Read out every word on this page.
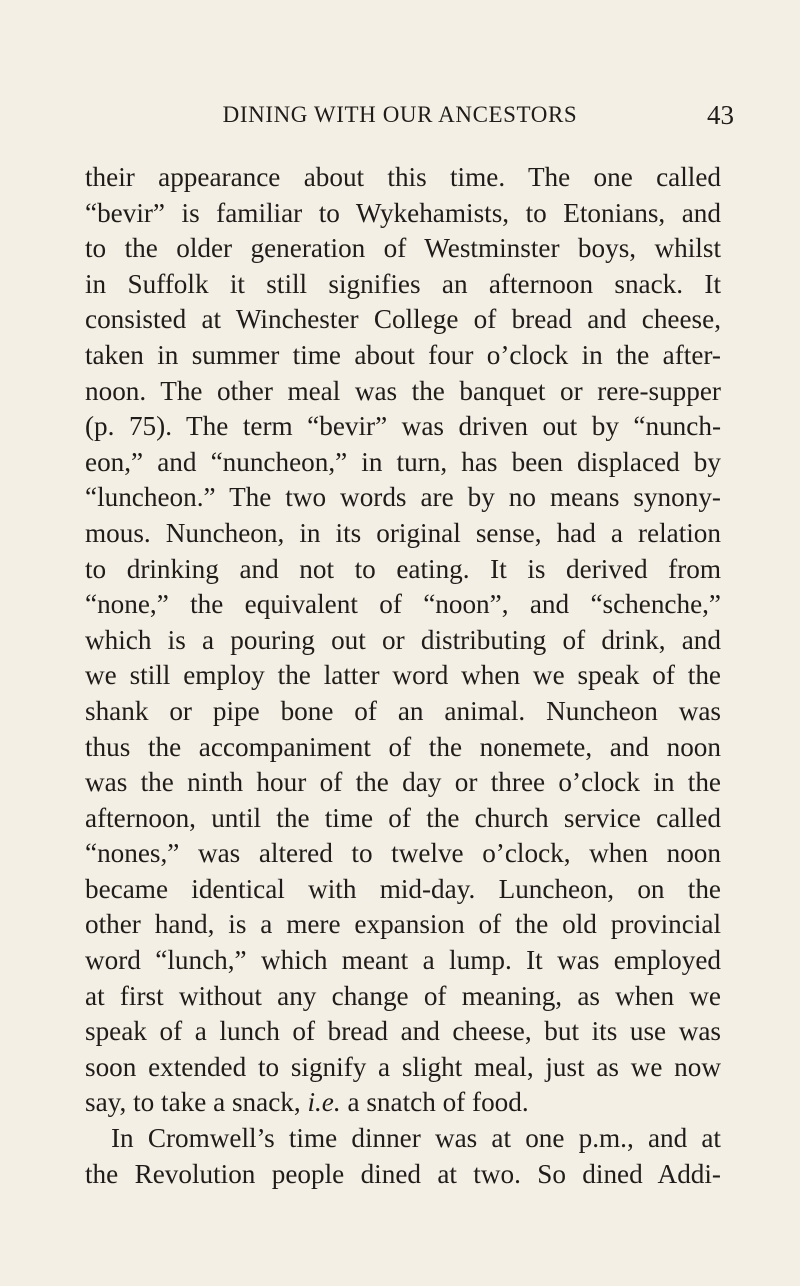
DINING WITH OUR ANCESTORS	43
their appearance about this time. The one called
“bevir” is familiar to Wykehamists, to Etonians, and
to the older generation of Westminster boys, whilst
in Suffolk it still signifies an afternoon snack. It
consisted at Winchester College of bread and cheese,
taken in summer time about four o’clock in the after-
noon. The other meal was the banquet or rere-supper
(p. 75). The term “bevir” was driven out by “nunch-
eon,” and “nuncheon,” in turn, has been displaced by
“luncheon.” The two words are by no means synony-
mous. Nuncheon, in its original sense, had a relation
to drinking and not to eating. It is derived from
“none,” the equivalent of “noon”, and “schenche,”
which is a pouring out or distributing of drink, and
we still employ the latter word when we speak of the
shank or pipe bone of an animal. Nuncheon was
thus the accompaniment of the nonemete, and noon
was the ninth hour of the day or three o’clock in the
afternoon, until the time of the church service called
“nones,” was altered to twelve o’clock, when noon
became identical with mid-day. Luncheon, on the
other hand, is a mere expansion of the old provincial
word “lunch,” which meant a lump. It was employed
at first without any change of meaning, as when we
speak of a lunch of bread and cheese, but its use was
soon extended to signify a slight meal, just as we now
say, to take a snack, i.e. a snatch of food.
In Cromwell’s time dinner was at one p.m., and at
the Revolution people dined at two. So dined Addi-
